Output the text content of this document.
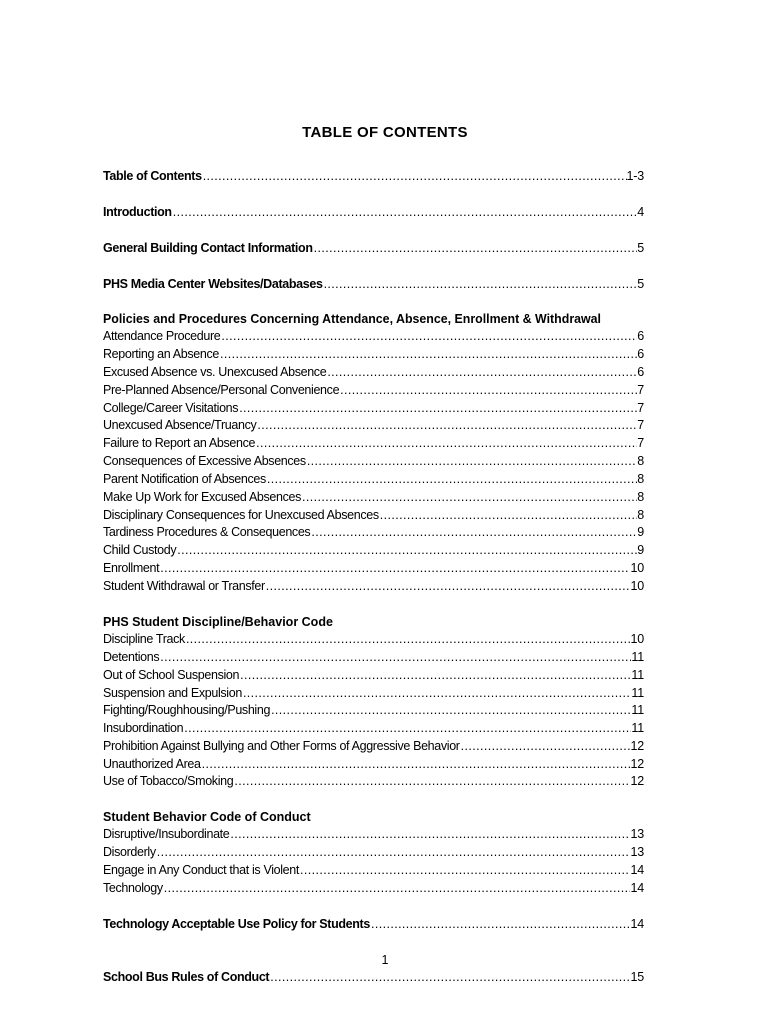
TABLE OF CONTENTS
Table of Contents .....	1-3
Introduction .....	4
General Building Contact Information .....	5
PHS Media Center Websites/Databases .....	5
Policies and Procedures Concerning Attendance, Absence, Enrollment & Withdrawal
Attendance Procedure .....	6
Reporting an Absence .....	6
Excused Absence vs. Unexcused Absence .....	6
Pre-Planned Absence/Personal Convenience .....	7
College/Career Visitations .....	7
Unexcused Absence/Truancy .....	7
Failure to Report an Absence .....	7
Consequences of Excessive Absences .....	8
Parent Notification of Absences .....	8
Make Up Work for Excused Absences .....	8
Disciplinary Consequences for Unexcused Absences .....	8
Tardiness Procedures & Consequences .....	9
Child Custody .....	9
Enrollment .....	10
Student Withdrawal or Transfer .....	10
PHS Student Discipline/Behavior Code
Discipline Track .....	10
Detentions .....	11
Out of School Suspension .....	11
Suspension and Expulsion .....	11
Fighting/Roughhousing/Pushing .....	11
Insubordination .....	11
Prohibition Against Bullying and Other Forms of Aggressive Behavior .....	12
Unauthorized Area .....	12
Use of Tobacco/Smoking .....	12
Student Behavior Code of Conduct
Disruptive/Insubordinate .....	13
Disorderly .....	13
Engage in Any Conduct that is Violent .....	14
Technology .....	14
Technology Acceptable Use Policy for Students .....	14
1
School Bus Rules of Conduct .....	15
